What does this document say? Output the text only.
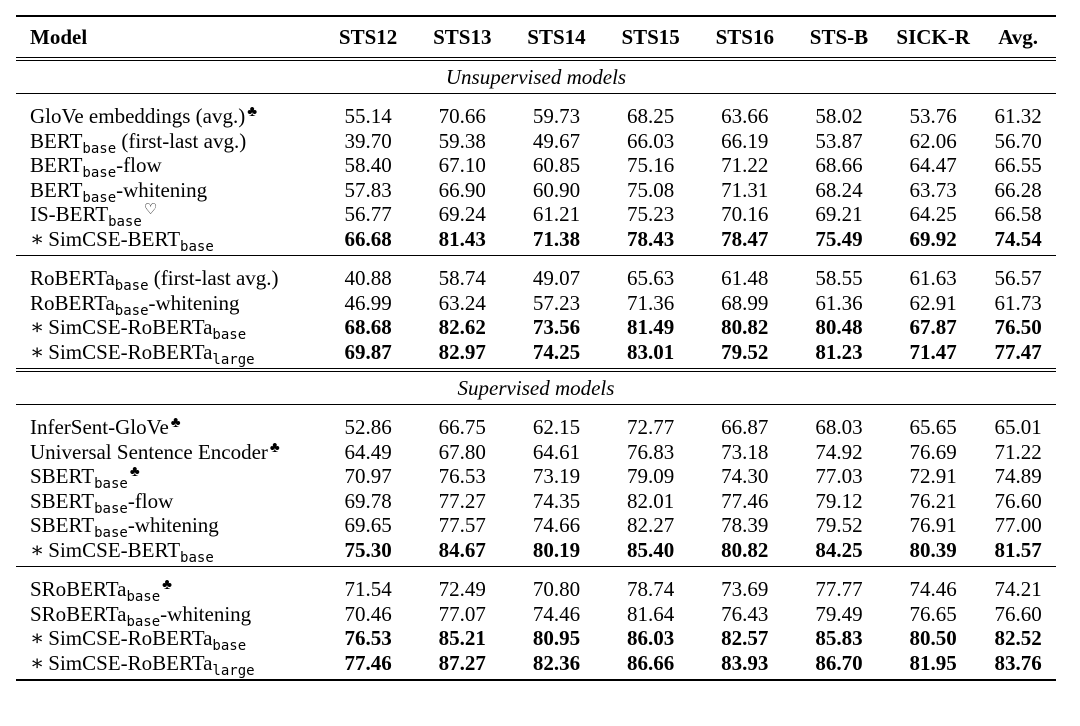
Model	STS12	STS13	STS14	STS15	STS16	STS-B	SICK-R	Avg.
Unsupervised models								
GloVe embeddings (avg.) ♣	55.14	70.66	59.73	68.25	63.66	58.02	53.76	61.32
$BERT_{base}$ (first-last avg.)	39.70	59.38	49.67	66.03	66.19	53.87	62.06	56.70
$BERT_{base}$-flow	58.40	67.10	60.85	75.16	71.22	68.66	64.47	66.55
$BERT_{base}$-whitening	57.83	66.90	60.90	75.08	71.31	68.24	63.73	66.28
$IS-BERT_{base}^♡$	56.77	69.24	61.21	75.23	70.16	69.21	64.25	66.58
∗ SimCSE-$BERT_{base}$	66.68	81.43	71.38	78.43	78.47	75.49	69.92	74.54
RoBERTa$_{base}$ (first-last avg.)	40.88	58.74	49.07	65.63	61.48	58.55	61.63	56.57
RoBERTa$_{base}$-whitening	46.99	63.24	57.23	71.36	68.99	61.36	62.91	61.73
∗ SimCSE-RoBERTa$_{base}$	68.68	82.62	73.56	81.49	80.82	80.48	67.87	76.50
∗ SimCSE-RoBERTa$_{large}$	69.87	82.97	74.25	83.01	79.52	81.23	71.47	77.47
Supervised models								
InferSent-GloVe ♣	52.86	66.75	62.15	72.77	66.87	68.03	65.65	65.01
Universal Sentence Encoder ♣	64.49	67.80	64.61	76.83	73.18	74.92	76.69	71.22
$SBERT_{base}^♣$	70.97	76.53	73.19	79.09	74.30	77.03	72.91	74.89
$SBERT_{base}$-flow	69.78	77.27	74.35	82.01	77.46	79.12	76.21	76.60
$SBERT_{base}$-whitening	69.65	77.57	74.66	82.27	78.39	79.52	76.91	77.00
∗ SimCSE-$BERT_{base}$	75.30	84.67	80.19	85.40	80.82	84.25	80.39	81.57
SRoBERTa$_{base}$♣	71.54	72.49	70.80	78.74	73.69	77.77	74.46	74.21
SRoBERTa$_{base}$-whitening	70.46	77.07	74.46	81.64	76.43	79.49	76.65	76.60
∗ SimCSE-RoBERTa$_{base}$	76.53	85.21	80.95	86.03	82.57	85.83	80.50	82.52
∗ SimCSE-RoBERTa$_{large}$	77.46	87.27	82.36	86.66	83.93	86.70	81.95	83.76
